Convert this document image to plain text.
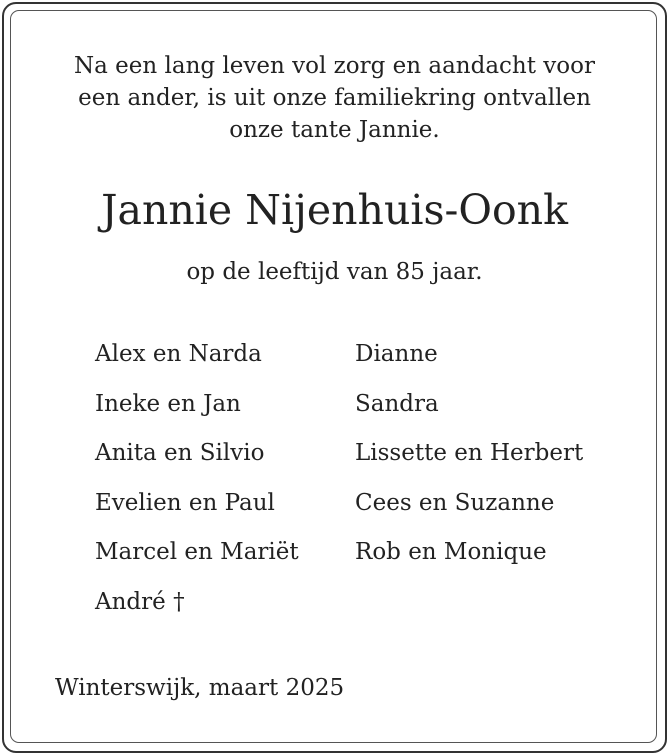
Na een lang leven vol zorg en aandacht voor
een ander, is uit onze familiekring ontvallen
onze tante Jannie.
Jannie Nijenhuis-Oonk
op de leeftijd van 85 jaar.
Alex en Narda
Ineke en Jan
Anita en Silvio
Evelien en Paul
Marcel en Mariët
André †
Dianne
Sandra
Lissette en Herbert
Cees en Suzanne
Rob en Monique
Winterswijk, maart 2025
